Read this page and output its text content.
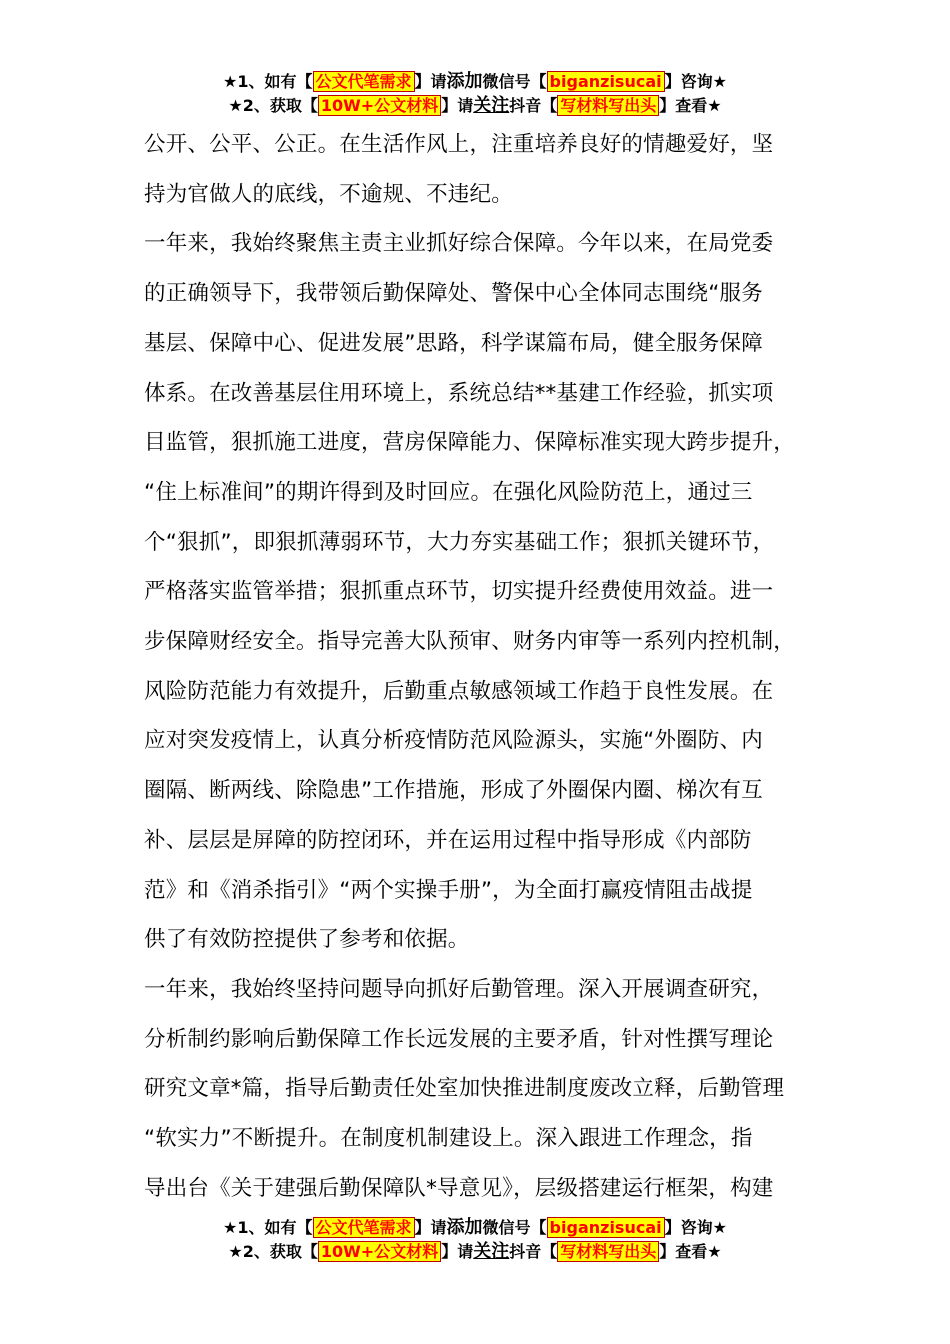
★1、如有【 公文代笔需求 】请添加微信号【 biganzisucai 】咨询★
★2、获取【 10W+公文材料 】请关注抖音【 写材料写出头 】查看★

公开、公平、公正。在生活作风上，注重培养良好的情趣爱好，坚

持为官做人的底线，不逾规、不违纪。

一年来，我始终聚焦主责主业抓好综合保障。今年以来，在局党委

的正确领导下，我带领后勤保障处、警保中心全体同志围绕“服务

基层、保障中心、促进发展”思路，科学谋篇布局，健全服务保障

体系。在改善基层住用环境上，系统总结**基建工作经验，抓实项

目监管，狠抓施工进度，营房保障能力、保障标准实现大跨步提升，

“住上标准间”的期许得到及时回应。在强化风险防范上，通过三

个“狠抓”，即狠抓薄弱环节，大力夯实基础工作；狠抓关键环节，

严格落实监管举措；狠抓重点环节，切实提升经费使用效益。进一

步保障财经安全。指导完善大队预审、财务内审等一系列内控机制，

风险防范能力有效提升，后勤重点敏感领域工作趋于良性发展。在

应对突发疫情上，认真分析疫情防范风险源头，实施“外圈防、内

圈隔、断两线、除隐患”工作措施，形成了外圈保内圈、梯次有互

补、层层是屏障的防控闭环，并在运用过程中指导形成《内部防

范》和《消杀指引》“两个实操手册”，为全面打赢疫情阻击战提

供了有效防控提供了参考和依据。

一年来，我始终坚持问题导向抓好后勤管理。深入开展调查研究，

分析制约影响后勤保障工作长远发展的主要矛盾，针对性撰写理论

研究文章*篇，指导后勤责任处室加快推进制度废改立释，后勤管理

“软实力”不断提升。在制度机制建设上。深入跟进工作理念，指

导出台《关于建强后勤保障队*导意见》，层级搭建运行框架，构建

★1、如有【 公文代笔需求 】请添加微信号【 biganzisucai 】咨询★
★2、获取【 10W+公文材料 】请关注抖音【 写材料写出头 】查看★
